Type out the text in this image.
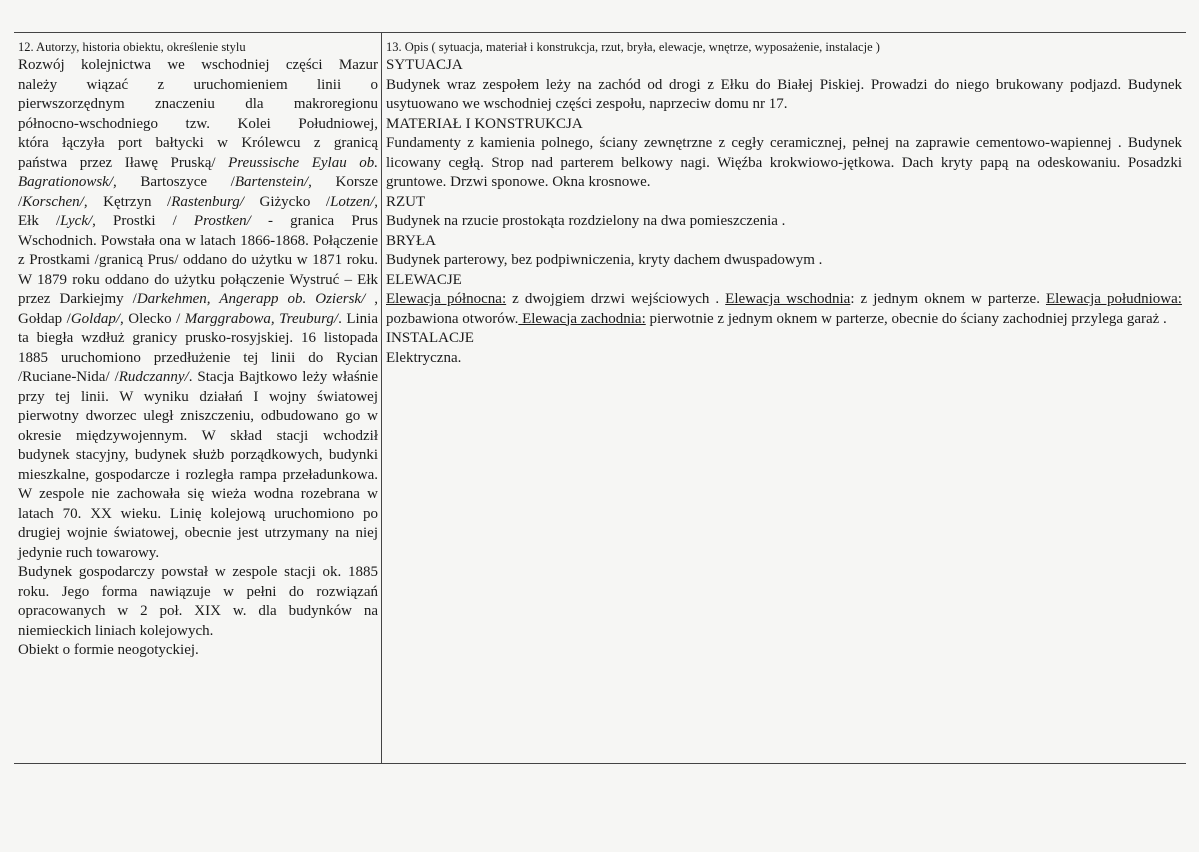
12. Autorzy, historia obiektu, określenie stylu
Rozwój kolejnictwa we wschodniej części Mazur
należy wiązać z uruchomieniem linii o
pierwszorzędnym znaczeniu dla makroregionu
północno-wschodniego tzw. Kolei Południowej,
która łączyła port bałtycki w Królewcu z granicą
państwa przez Iławę Pruską/ Preussische Eylau ob.
Bagrationowsk/, Bartoszyce /Bartenstein/, Korsze
/Korschen/, Kętrzyn /Rastenburg/ Giżycko /Lotzen/,
Ełk /Lyck/, Prostki / Prostken/ - granica Prus

Wschodnich. Powstała ona w latach 1866-1868. Połączenie z Prostkami /granicą Prus/ oddano do użytku w 1871 roku. W 1879 roku oddano do użytku połączenie Wystruć – Ełk przez Darkiejmy /Darkehmen, Angerapp ob. Oziersk/ , Gołdap /Goldap/, Olecko / Marggrabowa, Treuburg/. Linia ta biegła wzdłuż granicy prusko-rosyjskiej. 16 listopada 1885 uruchomiono przedłużenie tej linii do Rycian /Ruciane-Nida/ /Rudczanny/. Stacja Bajtkowo leży właśnie przy tej linii. W wyniku działań I wojny światowej pierwotny dworzec uległ zniszczeniu, odbudowano go w okresie międzywojennym. W skład stacji wchodził budynek stacyjny, budynek służb porządkowych, budynki mieszkalne, gospodarcze i rozległa rampa przeładunkowa. W zespole nie zachowała się wieża wodna rozebrana w latach 70. XX wieku. Linię kolejową uruchomiono po drugiej wojnie światowej, obecnie jest utrzymany na niej jedynie ruch towarowy.

Budynek gospodarczy powstał w zespole stacji ok. 1885 roku. Jego forma nawiązuje w pełni do rozwiązań opracowanych w 2 poł. XIX w. dla budynków na niemieckich liniach kolejowych.

Obiekt o formie neogotyckiej.

13. Opis ( sytuacja, materiał i konstrukcja, rzut, bryła, elewacje, wnętrze, wyposażenie, instalacje )
SYTUACJA

Budynek wraz zespołem leży na zachód od drogi z Ełku do Białej Piskiej. Prowadzi do niego brukowany podjazd. Budynek usytuowano we wschodniej części zespołu, naprzeciw domu nr 17.

MATERIAŁ I KONSTRUKCJA

Fundamenty z kamienia polnego, ściany zewnętrzne z cegły ceramicznej, pełnej na zaprawie cementowo-wapiennej . Budynek licowany cegłą. Strop nad parterem belkowy nagi. Więźba krokwiowo-jętkowa. Dach kryty papą na odeskowaniu. Posadzki gruntowe. Drzwi sponowe. Okna krosnowe.

RZUT

Budynek na rzucie prostokąta rozdzielony na dwa pomieszczenia .

BRYŁA

Budynek parterowy, bez podpiwniczenia, kryty dachem dwuspadowym .

ELEWACJE

Elewacja północna: z dwojgiem drzwi wejściowych . Elewacja wschodnia: z jednym oknem w parterze. Elewacja południowa: pozbawiona otworów. Elewacja zachodnia: pierwotnie z jednym oknem w parterze, obecnie do ściany zachodniej przylega garaż .

INSTALACJE

Elektryczna.
